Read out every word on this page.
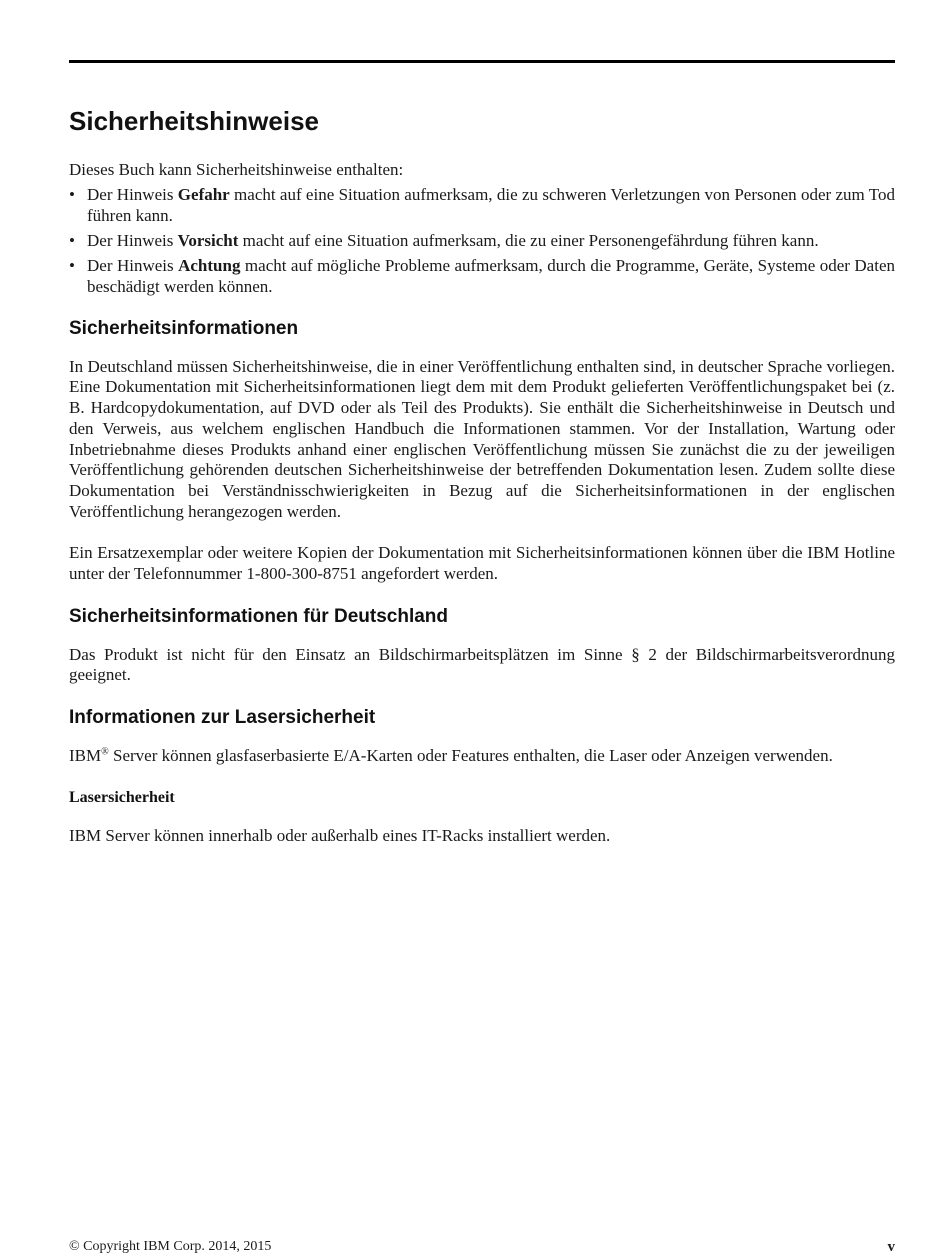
Sicherheitshinweise

Dieses Buch kann Sicherheitshinweise enthalten:

• Der Hinweis Gefahr macht auf eine Situation aufmerksam, die zu schweren Verletzungen von Personen oder zum Tod führen kann.
• Der Hinweis Vorsicht macht auf eine Situation aufmerksam, die zu einer Personengefährdung führen kann.
• Der Hinweis Achtung macht auf mögliche Probleme aufmerksam, durch die Programme, Geräte, Systeme oder Daten beschädigt werden können.
Sicherheitsinformationen

In Deutschland müssen Sicherheitshinweise, die in einer Veröffentlichung enthalten sind, in deutscher Sprache vorliegen. Eine Dokumentation mit Sicherheitsinformationen liegt dem mit dem Produkt gelieferten Veröffentlichungspaket bei (z. B. Hardcopydokumentation, auf DVD oder als Teil des Produkts). Sie enthält die Sicherheitshinweise in Deutsch und den Verweis, aus welchem englischen Handbuch die Informationen stammen. Vor der Installation, Wartung oder Inbetriebnahme dieses Produkts anhand einer englischen Veröffentlichung müssen Sie zunächst die zu der jeweiligen Veröffentlichung gehörenden deutschen Sicherheitshinweise der betreffenden Dokumentation lesen. Zudem sollte diese Dokumentation bei Verständnisschwierigkeiten in Bezug auf die Sicherheitsinformationen in der englischen Veröffentlichung herangezogen werden.

Ein Ersatzexemplar oder weitere Kopien der Dokumentation mit Sicherheitsinformationen können über die IBM Hotline unter der Telefonnummer 1-800-300-8751 angefordert werden.

Sicherheitsinformationen für Deutschland

Das Produkt ist nicht für den Einsatz an Bildschirmarbeitsplätzen im Sinne § 2 der Bildschirmarbeitsverordnung geeignet.

Informationen zur Lasersicherheit

IBM® Server können glasfaserbasierte E/A-Karten oder Features enthalten, die Laser oder Anzeigen verwenden.

Lasersicherheit

IBM Server können innerhalb oder außerhalb eines IT-Racks installiert werden.

© Copyright IBM Corp. 2014, 2015	v
